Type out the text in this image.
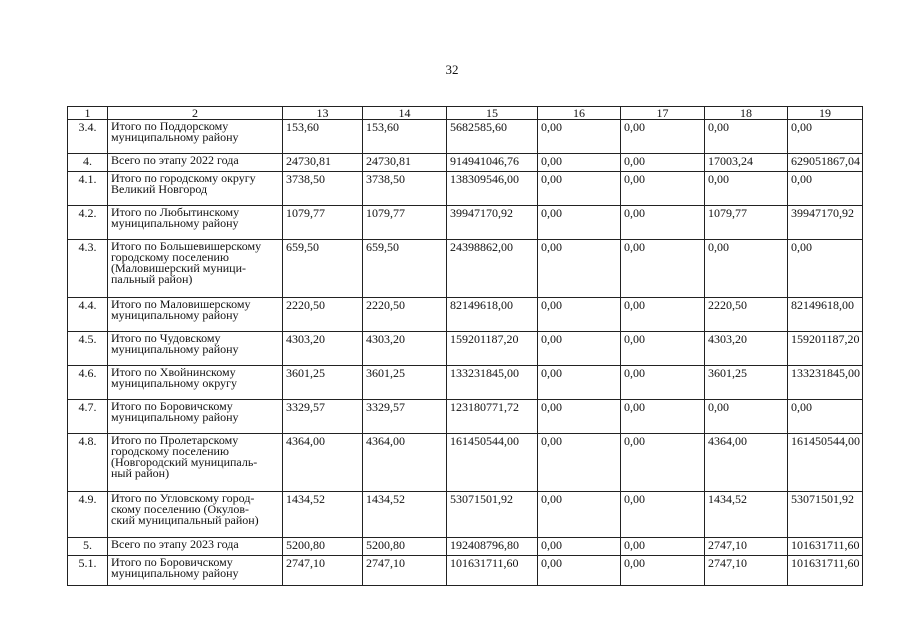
32
1	2	13	14	15	16	17	18	19
3.4.	Итого по Поддорскому
муниципальному району	153,60	153,60	5682585,60	0,00	0,00	0,00	0,00
4.	Всего по этапу 2022 года	24730,81	24730,81	914941046,76	0,00	0,00	17003,24	629051867,04
4.1.	Итого по городскому округу
Великий Новгород	3738,50	3738,50	138309546,00	0,00	0,00	0,00	0,00
4.2.	Итого по Любытинскому
муниципальному району	1079,77	1079,77	39947170,92	0,00	0,00	1079,77	39947170,92
4.3.	Итого по Большевишерскому
городскому поселению
(Маловишерский муници-
пальный район)	659,50	659,50	24398862,00	0,00	0,00	0,00	0,00
4.4.	Итого по Маловишерскому
муниципальному району	2220,50	2220,50	82149618,00	0,00	0,00	2220,50	82149618,00
4.5.	Итого по Чудовскому
муниципальному району	4303,20	4303,20	159201187,20	0,00	0,00	4303,20	159201187,20
4.6.	Итого по Хвойнинскому
муниципальному округу	3601,25	3601,25	133231845,00	0,00	0,00	3601,25	133231845,00
4.7.	Итого по Боровичскому
муниципальному району	3329,57	3329,57	123180771,72	0,00	0,00	0,00	0,00
4.8.	Итого по Пролетарскому
городскому поселению
(Новгородский муниципаль-
ный район)	4364,00	4364,00	161450544,00	0,00	0,00	4364,00	161450544,00
4.9.	Итого по Угловскому город-
скому поселению (Окулов-
ский муниципальный район)	1434,52	1434,52	53071501,92	0,00	0,00	1434,52	53071501,92
5.	Всего по этапу 2023 года	5200,80	5200,80	192408796,80	0,00	0,00	2747,10	101631711,60
5.1.	Итого по Боровичскому
муниципальному району	2747,10	2747,10	101631711,60	0,00	0,00	2747,10	101631711,60
